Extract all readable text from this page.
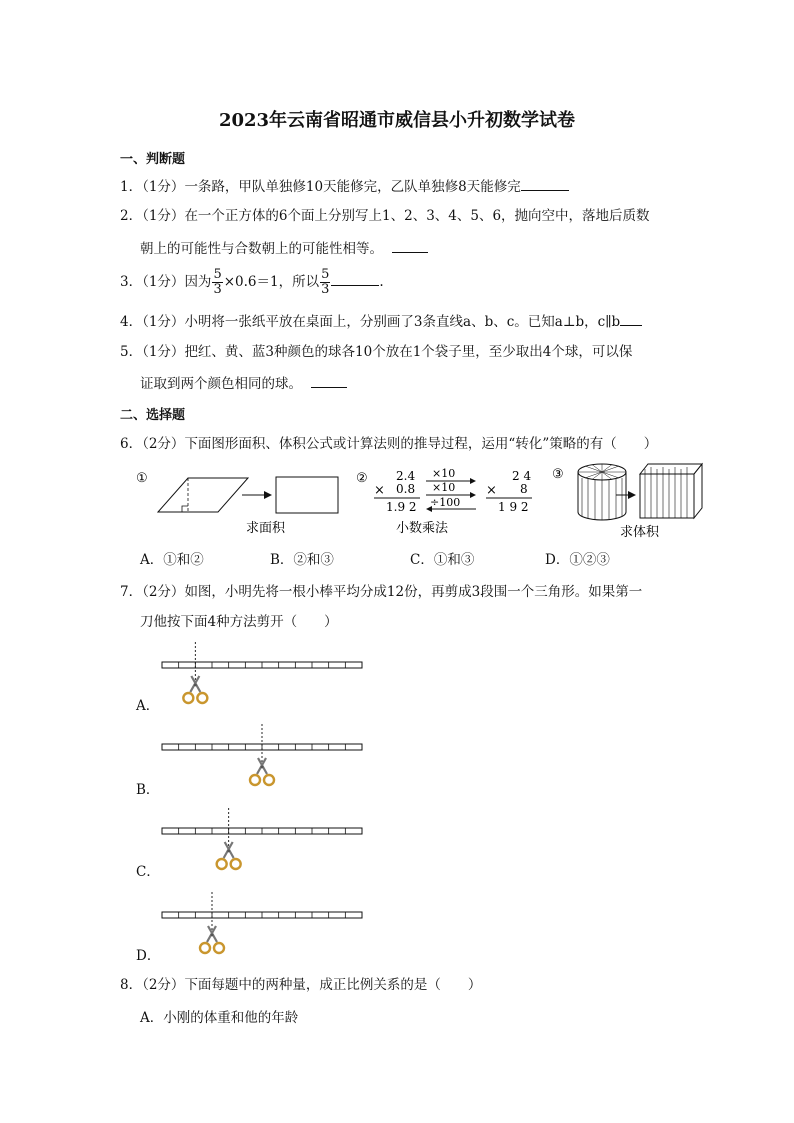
2023年云南省昭通市威信县小升初数学试卷
一、判断题
1．（1分）一条路，甲队单独修10天能修完，乙队单独修8天能修完
2．（1分）在一个正方体的6个面上分别写上1、2、3、4、5、6，抛向空中，落地后质数
朝上的可能性与合数朝上的可能性相等。
3．（1分）因为 $\frac{5}{3} \times 0.6=1$，所以 $\frac{5}{3}$	.
4．（1分）小明将一张纸平放在桌面上，分别画了3条直线a、b、c。已知a⊥b，c∥b
5．（1分）把红、黄、蓝3种颜色的球各10个放在1个袋子里，至少取出4个球，可以保
证取到两个颜色相同的球。
二、选择题
6．（2分）下面图形面积、体积公式或计算法则的推导过程，运用“转化”策略的有（　　）
①
求面积
② 2.4
× 0.8
1.9 2
×10
×10
÷100
2 4
× 8
1 9 2
小数乘法
③
求体积
A．①和②	B．②和③	C．①和③	D．①②③
7．（2分）如图，小明先将一根小棒平均分成12份，再剪成3段围一个三角形。如果第一
刀他按下面4种方法剪开（　　）
A．
B．
C．
D．
8．（2分）下面每题中的两种量，成正比例关系的是（　　）
A．小刚的体重和他的年龄
